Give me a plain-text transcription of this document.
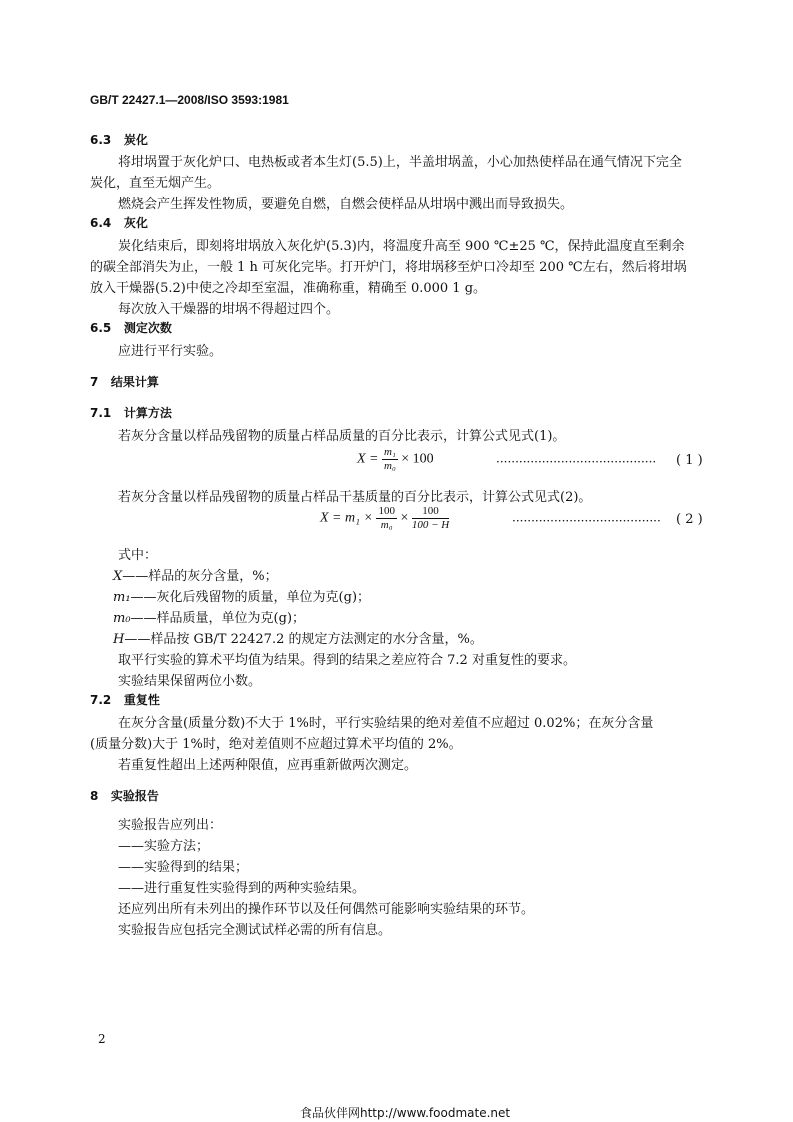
GB/T 22427.1—2008/ISO 3593:1981
6.3 炭化
将坩埚置于灰化炉口、电热板或者本生灯(5.5)上，半盖坩埚盖，小心加热使样品在通气情况下完全
炭化，直至无烟产生。
燃烧会产生挥发性物质，要避免自燃，自燃会使样品从坩埚中溅出而导致损失。
6.4 灰化
炭化结束后，即刻将坩埚放入灰化炉(5.3)内，将温度升高至 900 ℃±25 ℃，保持此温度直至剩余
的碳全部消失为止，一般 1 h 可灰化完毕。打开炉门，将坩埚移至炉口冷却至 200 ℃左右，然后将坩埚
放入干燥器(5.2)中使之冷却至室温，准确称重，精确至 0.000 1 g。
每次放入干燥器的坩埚不得超过四个。
6.5 测定次数
应进行平行实验。
7 结果计算
7.1 计算方法
若灰分含量以样品残留物的质量占样品质量的百分比表示，计算公式见式(1)。
$X = \frac{\text{m₁}}{\text{m₀}} \times 100$	·········································· ( 1 )
若灰分含量以样品残留物的质量占样品干基质量的百分比表示，计算公式见式(2)。
$X = m_1 \times \frac{100}{\text{m₀}} \times \frac{100}{100 - H}$	······································· ( 2 )
式中：
X——样品的灰分含量，%；
m₁——灰化后残留物的质量，单位为克(g)；
m₀——样品质量，单位为克(g)；
H——样品按 GB/T 22427.2 的规定方法测定的水分含量，%。
取平行实验的算术平均值为结果。得到的结果之差应符合 7.2 对重复性的要求。
实验结果保留两位小数。
7.2 重复性
在灰分含量(质量分数)不大于 1%时，平行实验结果的绝对差值不应超过 0.02%；在灰分含量
(质量分数)大于 1%时，绝对差值则不应超过算术平均值的 2%。
若重复性超出上述两种限值，应再重新做两次测定。
8 实验报告
实验报告应列出：
——实验方法；
——实验得到的结果；
——进行重复性实验得到的两种实验结果。
还应列出所有未列出的操作环节以及任何偶然可能影响实验结果的环节。
实验报告应包括完全测试试样必需的所有信息。
2
食品伙伴网http://www.foodmate.net
